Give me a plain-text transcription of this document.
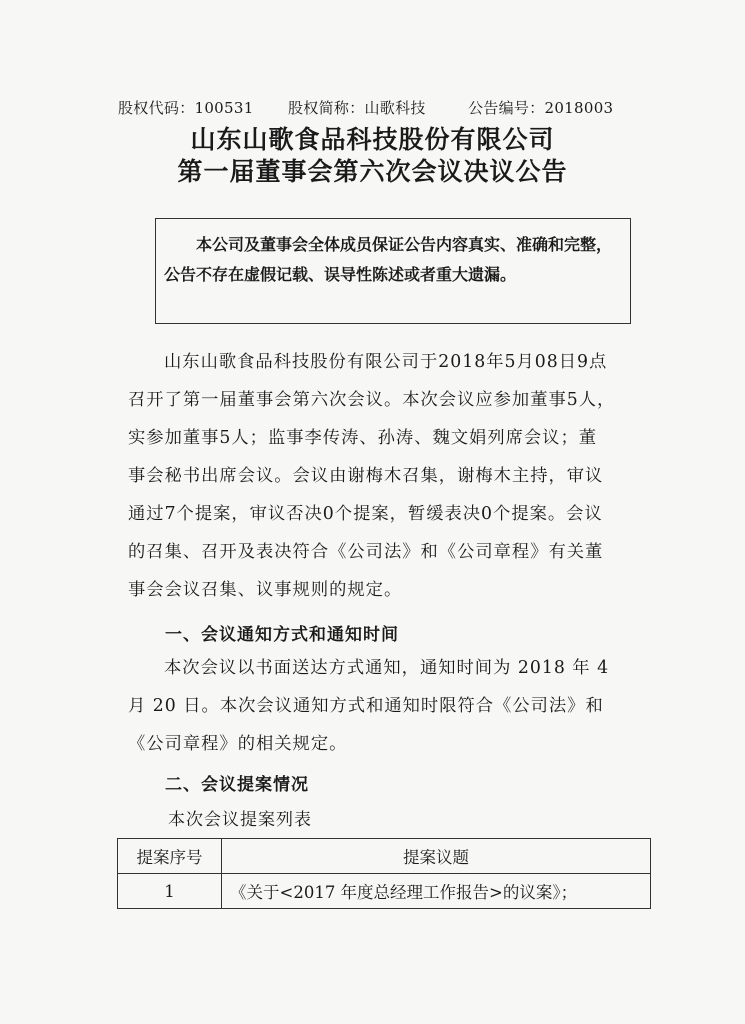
股权代码：100531 股权简称：山歌科技	公告编号：2018003
山东山歌食品科技股份有限公司
第一届董事会第六次会议决议公告

本公司及董事会全体成员保证公告内容真实、准确和完整，

公告不存在虚假记载、误导性陈述或者重大遗漏。

山东山歌食品科技股份有限公司于2018年5月08日9点

召开了第一届董事会第六次会议。本次会议应参加董事5人，

实参加董事5人；监事李传涛、孙涛、魏文娟列席会议；董

事会秘书出席会议。会议由谢梅木召集，谢梅木主持，审议

通过7个提案，审议否决0个提案，暂缓表决0个提案。会议

的召集、召开及表决符合《公司法》和《公司章程》有关董

事会会议召集、议事规则的规定。

一、会议通知方式和通知时间

本次会议以书面送达方式通知，通知时间为 2018 年 4

月 20 日。本次会议通知方式和通知时限符合《公司法》和

《公司章程》的相关规定。

二、会议提案情况
本次会议提案列表
提案序号	提案议题
1	《关于<2017 年度总经理工作报告>的议案》；
